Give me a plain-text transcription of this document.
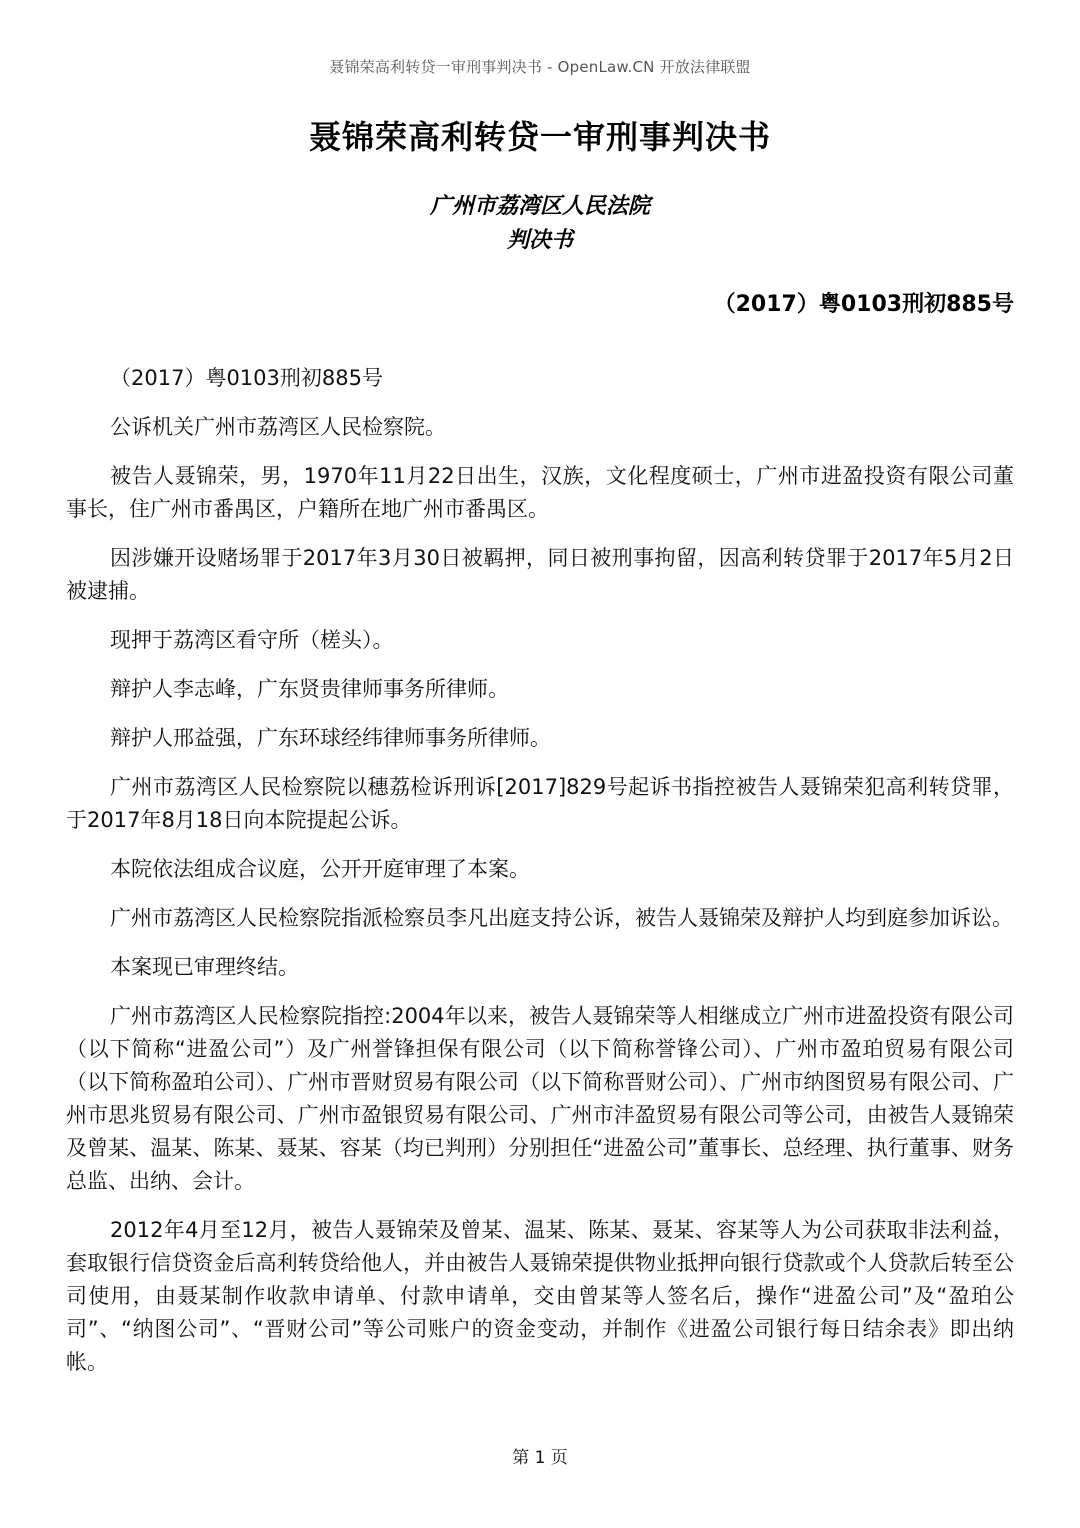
聂锦荣高利转贷一审刑事判决书 - OpenLaw.CN 开放法律联盟
聂锦荣高利转贷一审刑事判决书
广州市荔湾区人民法院
判决书
（2017）粤0103刑初885号

（2017）粤0103刑初885号

公诉机关广州市荔湾区人民检察院。

被告人聂锦荣，男，1970年11月22日出生，汉族，文化程度硕士，广州市进盈投资有限公司董事长，住广州市番禺区，户籍所在地广州市番禺区。

因涉嫌开设赌场罪于2017年3月30日被羁押，同日被刑事拘留，因高利转贷罪于2017年5月2日被逮捕。

现押于荔湾区看守所（槎头）。

辩护人李志峰，广东贤贵律师事务所律师。

辩护人邢益强，广东环球经纬律师事务所律师。

广州市荔湾区人民检察院以穗荔检诉刑诉[2017]829号起诉书指控被告人聂锦荣犯高利转贷罪，于2017年8月18日向本院提起公诉。

本院依法组成合议庭，公开开庭审理了本案。

广州市荔湾区人民检察院指派检察员李凡出庭支持公诉，被告人聂锦荣及辩护人均到庭参加诉讼。

本案现已审理终结。

广州市荔湾区人民检察院指控:2004年以来，被告人聂锦荣等人相继成立广州市进盈投资有限公司（以下简称“进盈公司”）及广州誉锋担保有限公司（以下简称誉锋公司）、广州市盈珀贸易有限公司（以下简称盈珀公司）、广州市晋财贸易有限公司（以下简称晋财公司）、广州市纳图贸易有限公司、广州市思兆贸易有限公司、广州市盈银贸易有限公司、广州市沣盈贸易有限公司等公司，由被告人聂锦荣及曾某、温某、陈某、聂某、容某（均已判刑）分别担任“进盈公司”董事长、总经理、执行董事、财务总监、出纳、会计。

2012年4月至12月，被告人聂锦荣及曾某、温某、陈某、聂某、容某等人为公司获取非法利益，套取银行信贷资金后高利转贷给他人，并由被告人聂锦荣提供物业抵押向银行贷款或个人贷款后转至公司使用，由聂某制作收款申请单、付款申请单，交由曾某等人签名后，操作“进盈公司”及“盈珀公司”、“纳图公司”、“晋财公司”等公司账户的资金变动，并制作《进盈公司银行每日结余表》即出纳帐。

第 1 页
